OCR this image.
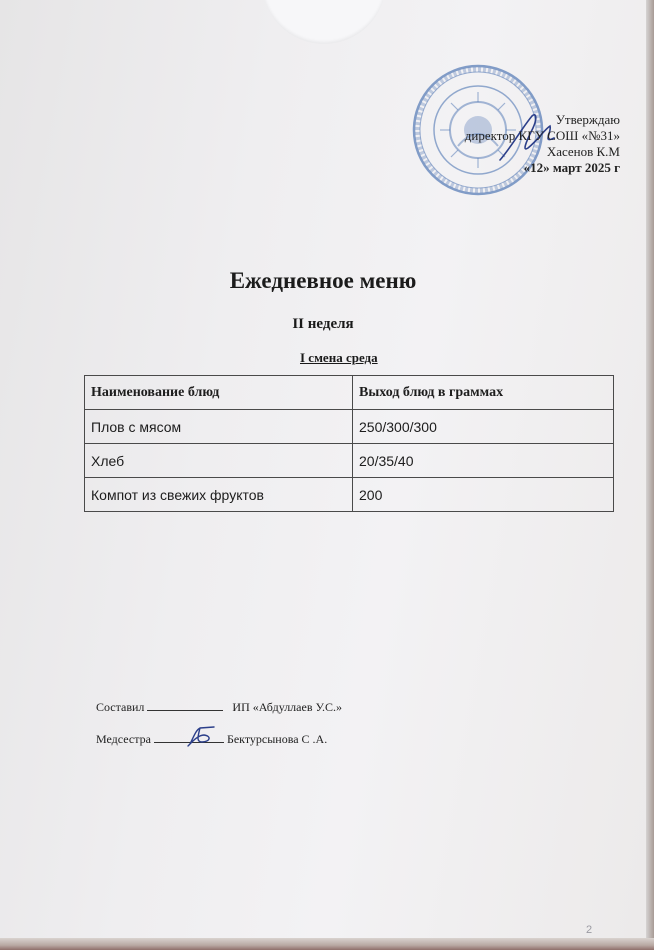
Утверждаю
директор КГУ СОШ «№31»
Хасенов К.М
«12» март 2025 г
Ежедневное меню
II неделя
I смена среда
Наименование блюд	Выход блюд в граммах
Плов с мясом	250/300/300
Хлеб	20/35/40
Компот из свежих фруктов	200
Составил	ИП «Абдуллаев У.С.»
Медсестра	Бектурсынова С .А.
2
